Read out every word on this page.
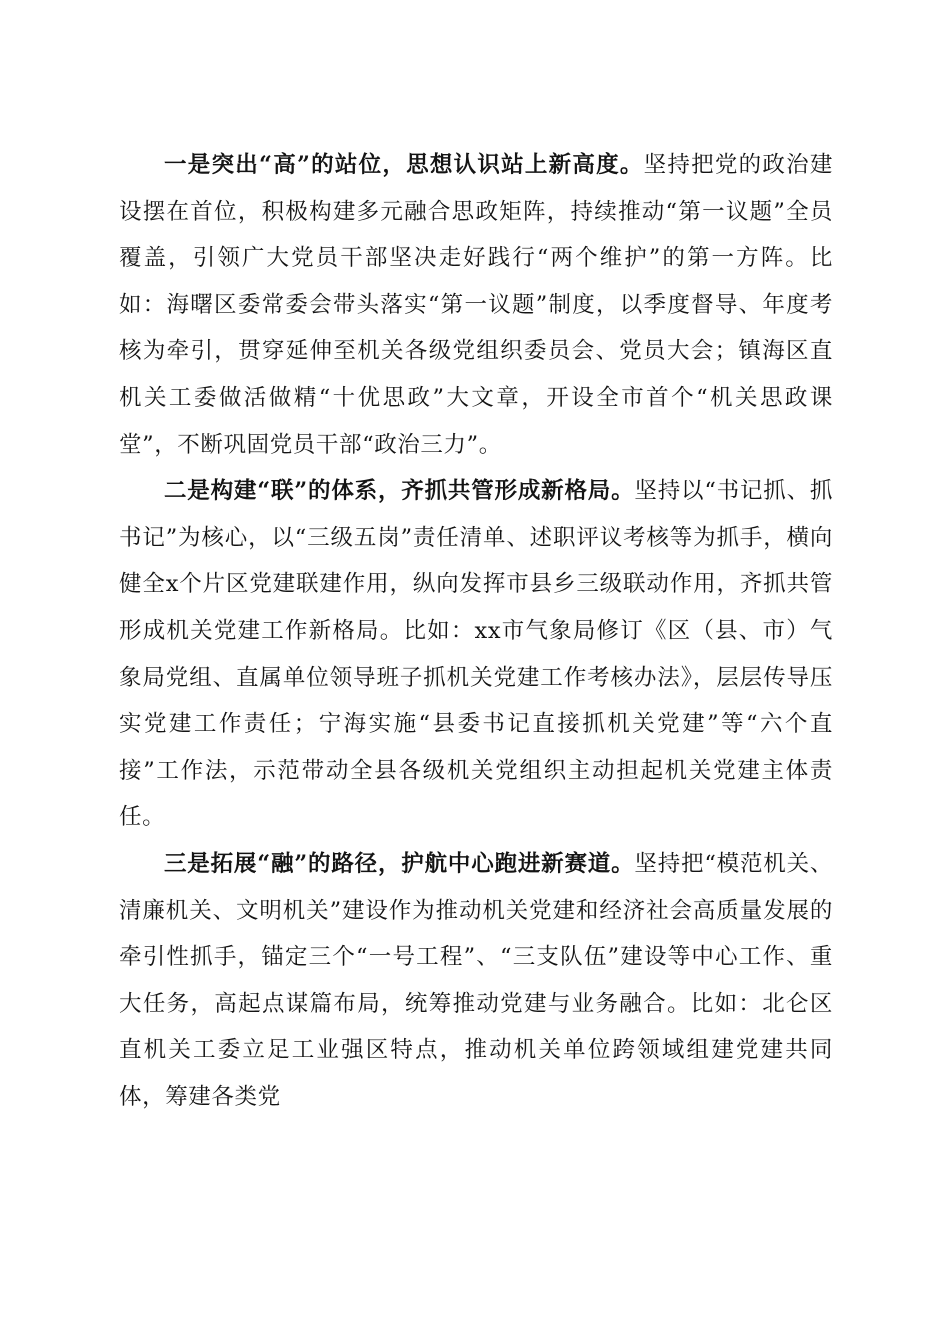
一是突出“高”的站位，思想认识站上新高度。坚持把党的政治建设摆在首位，积极构建多元融合思政矩阵，持续推动“第一议题”全员覆盖，引领广大党员干部坚决走好践行“两个维护”的第一方阵。比如：海曙区委常委会带头落实“第一议题”制度，以季度督导、年度考核为牵引，贯穿延伸至机关各级党组织委员会、党员大会；镇海区直机关工委做活做精“十优思政”大文章，开设全市首个“机关思政课堂”，不断巩固党员干部“政治三力”。

二是构建“联”的体系，齐抓共管形成新格局。坚持以“书记抓、抓书记”为核心，以“三级五岗”责任清单、述职评议考核等为抓手，横向健全x个片区党建联建作用，纵向发挥市县乡三级联动作用，齐抓共管形成机关党建工作新格局。比如：xx市气象局修订《区（县、市）气象局党组、直属单位领导班子抓机关党建工作考核办法》，层层传导压实党建工作责任；宁海实施“县委书记直接抓机关党建”等“六个直接”工作法，示范带动全县各级机关党组织主动担起机关党建主体责任。

三是拓展“融”的路径，护航中心跑进新赛道。坚持把“模范机关、清廉机关、文明机关”建设作为推动机关党建和经济社会高质量发展的牵引性抓手，锚定三个“一号工程”、“三支队伍”建设等中心工作、重大任务，高起点谋篇布局，统筹推动党建与业务融合。比如：北仑区直机关工委立足工业强区特点，推动机关单位跨领域组建党建共同体，筹建各类党
